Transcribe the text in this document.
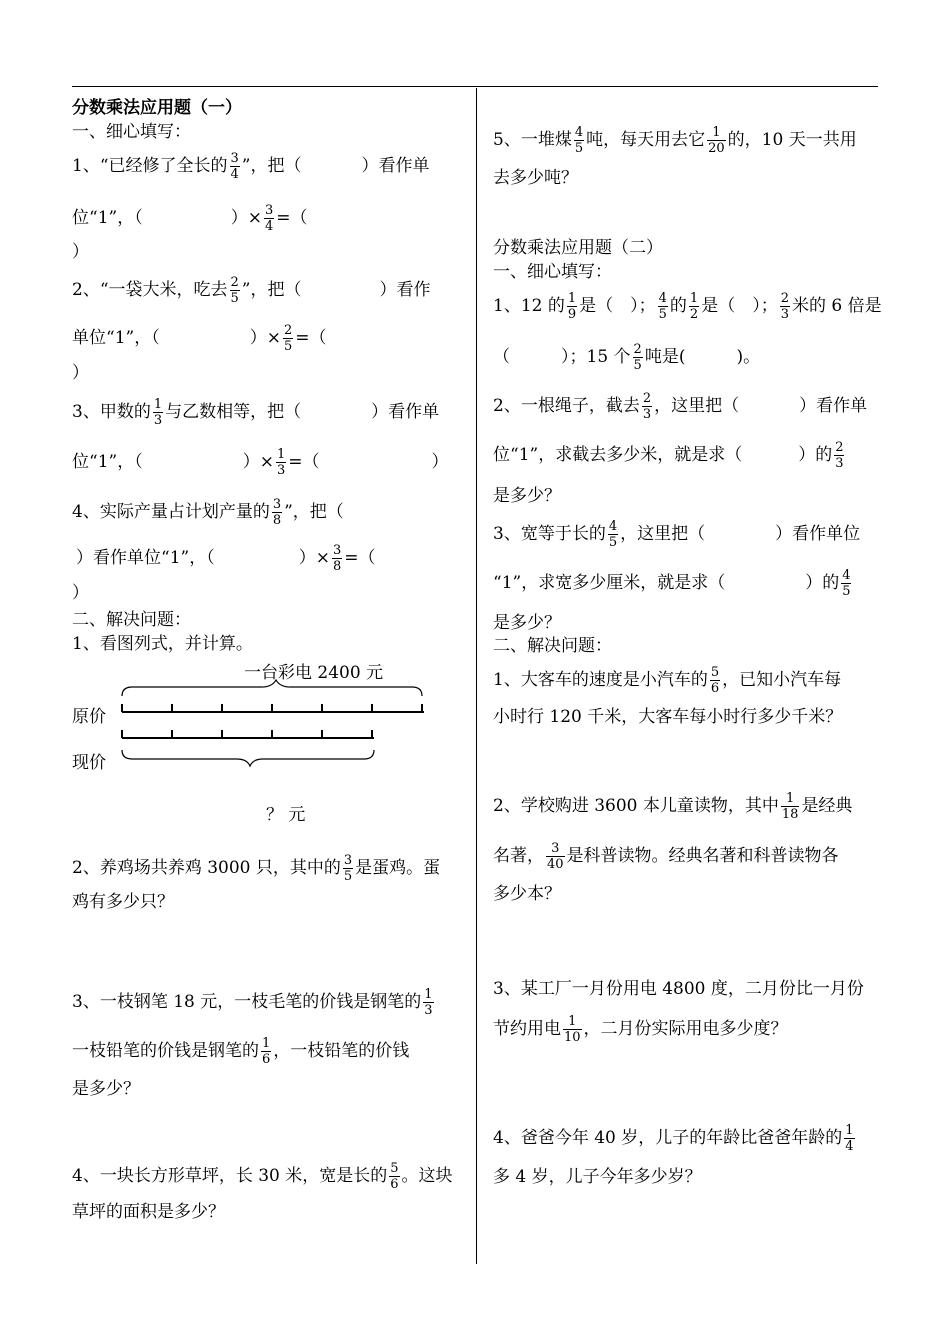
分数乘法应用题（一）
一、细心填写：
1、“已经修了全长的 $\frac{3}{4}$ ”，把（	）看作单
位“1”，（	）× $\frac{3}{4}$ =（
）
2、“一袋大米，吃去 $\frac{2}{5}$ ”，把（	）看作
单位“1”，（	）× $\frac{2}{5}$ =（
）
3、甲数的 $\frac{1}{3}$ 与乙数相等，把（	）看作单
位“1”，（	）× $\frac{1}{3}$ =（	）
4、实际产量占计划产量的 $\frac{3}{8}$ ”，把（
）看作单位“1”，（	）× $\frac{3}{8}$ =（
）
二、解决问题：
1、看图列式，并计算。
一台彩电 2400 元
原价
现价
？ 元
2、养鸡场共养鸡 3000 只，其中的 $\frac{3}{5}$ 是蛋鸡。蛋
鸡有多少只？
3、一枝钢笔 18 元，一枝毛笔的价钱是钢笔的 $\frac{1}{3}$
一枝铅笔的价钱是钢笔的 $\frac{1}{6}$ ，一枝铅笔的价钱
是多少？
4、一块长方形草坪，长 30 米，宽是长的 $\frac{5}{6}$ 。这块
草坪的面积是多少？
5、一堆煤 $\frac{4}{5}$ 吨，每天用去它 $\frac{1}{20}$ 的，10 天一共用
去多少吨？
分数乘法应用题（二）
一、细心填写：
1、12 的 $\frac{1}{9}$ 是（　）； $\frac{4}{5}$ 的 $\frac{1}{2}$ 是（　）； $\frac{2}{3}$ 米的 6 倍是
（　　　）；15 个 $\frac{2}{5}$ 吨是(　　　)。
2、一根绳子，截去 $\frac{2}{3}$ ，这里把（	）看作单
位“1”，求截去多少米，就是求（	）的 $\frac{2}{3}$
是多少？
3、宽等于长的 $\frac{4}{5}$ ，这里把（	）看作单位
“1”，求宽多少厘米，就是求（	）的 $\frac{4}{5}$
是多少？
二、解决问题：
1、大客车的速度是小汽车的 $\frac{5}{6}$ ，已知小汽车每
小时行 120 千米，大客车每小时行多少千米？
2、学校购进 3600 本儿童读物，其中 $\frac{1}{18}$ 是经典
名著， $\frac{3}{40}$ 是科普读物。经典名著和科普读物各
多少本？
3、某工厂一月份用电 4800 度，二月份比一月份
节约用电 $\frac{1}{10}$ ，二月份实际用电多少度？
4、爸爸今年 40 岁，儿子的年龄比爸爸年龄的 $\frac{1}{4}$
多 4 岁，儿子今年多少岁？
